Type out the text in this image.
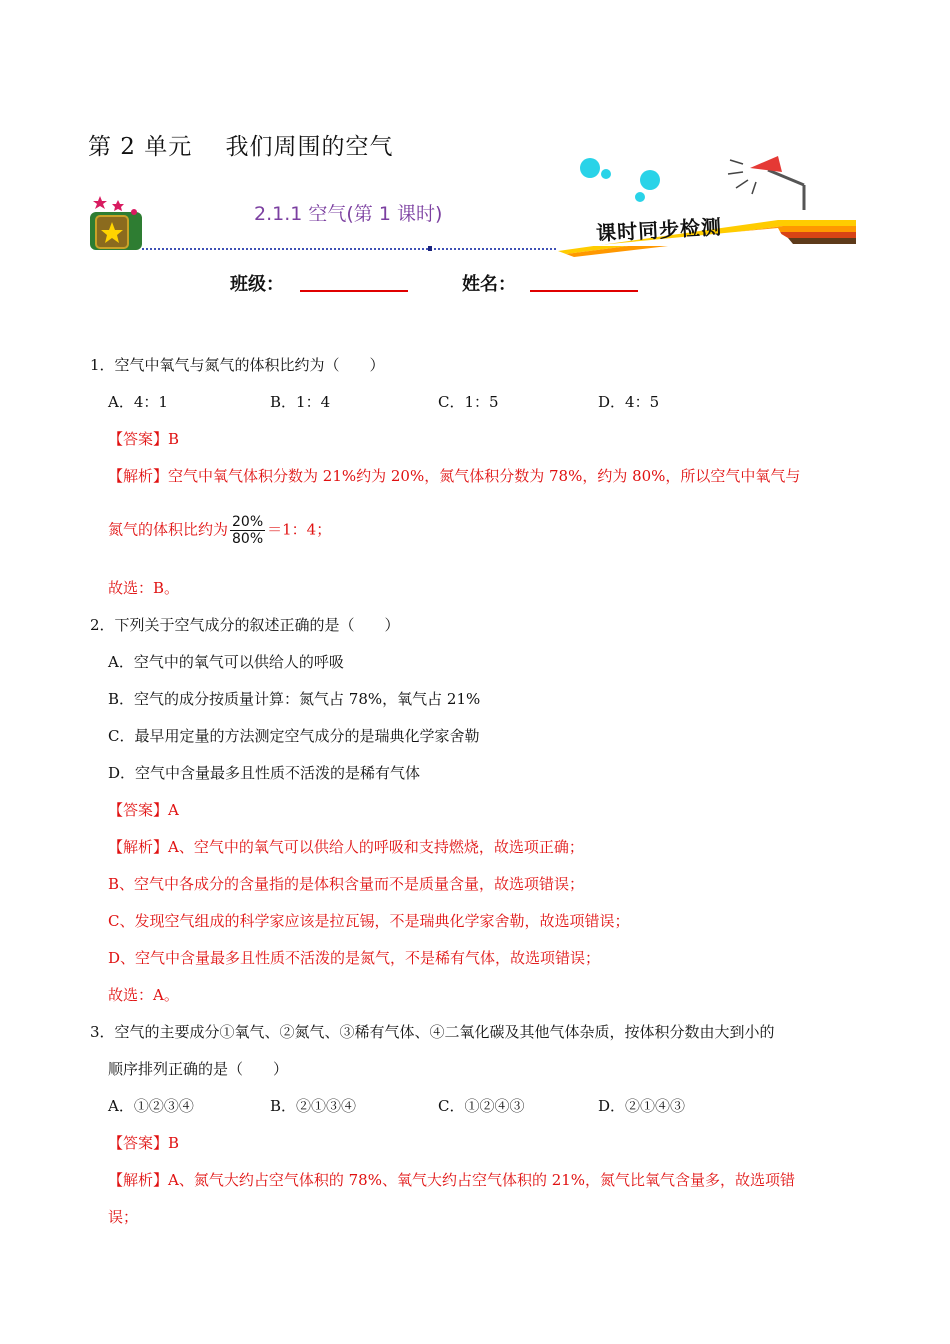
第 2 单元    我们周围的空气
2.1.1 空气(第 1 课时)
课时同步检测
班级：	姓名：
1．空气中氧气与氮气的体积比约为（　　）
A．4：1	B．1：4	C．1：5	D．4：5
【答案】B
【解析】空气中氧气体积分数为 21%约为 20%，氮气体积分数为 78%，约为 80%，所以空气中氧气与
氮气的体积比约为 $\frac{20\%}{80\%} =1$：4；
故选：B。
2．下列关于空气成分的叙述正确的是（　　）
A．空气中的氧气可以供给人的呼吸
B．空气的成分按质量计算：氮气占 78%，氧气占 21%
C．最早用定量的方法测定空气成分的是瑞典化学家舍勒
D．空气中含量最多且性质不活泼的是稀有气体
【答案】A
【解析】A、空气中的氧气可以供给人的呼吸和支持燃烧，故选项正确；
B、空气中各成分的含量指的是体积含量而不是质量含量，故选项错误；
C、发现空气组成的科学家应该是拉瓦锡，不是瑞典化学家舍勒，故选项错误；
D、空气中含量最多且性质不活泼的是氮气，不是稀有气体，故选项错误；
故选：A。
3．空气的主要成分①氧气、②氮气、③稀有气体、④二氧化碳及其他气体杂质，按体积分数由大到小的
顺序排列正确的是（　　）
A．①②③④	B．②①③④	C．①②④③	D．②①④③
【答案】B
【解析】A、氮气大约占空气体积的 78%、氧气大约占空气体积的 21%，氮气比氧气含量多，故选项错
误；
